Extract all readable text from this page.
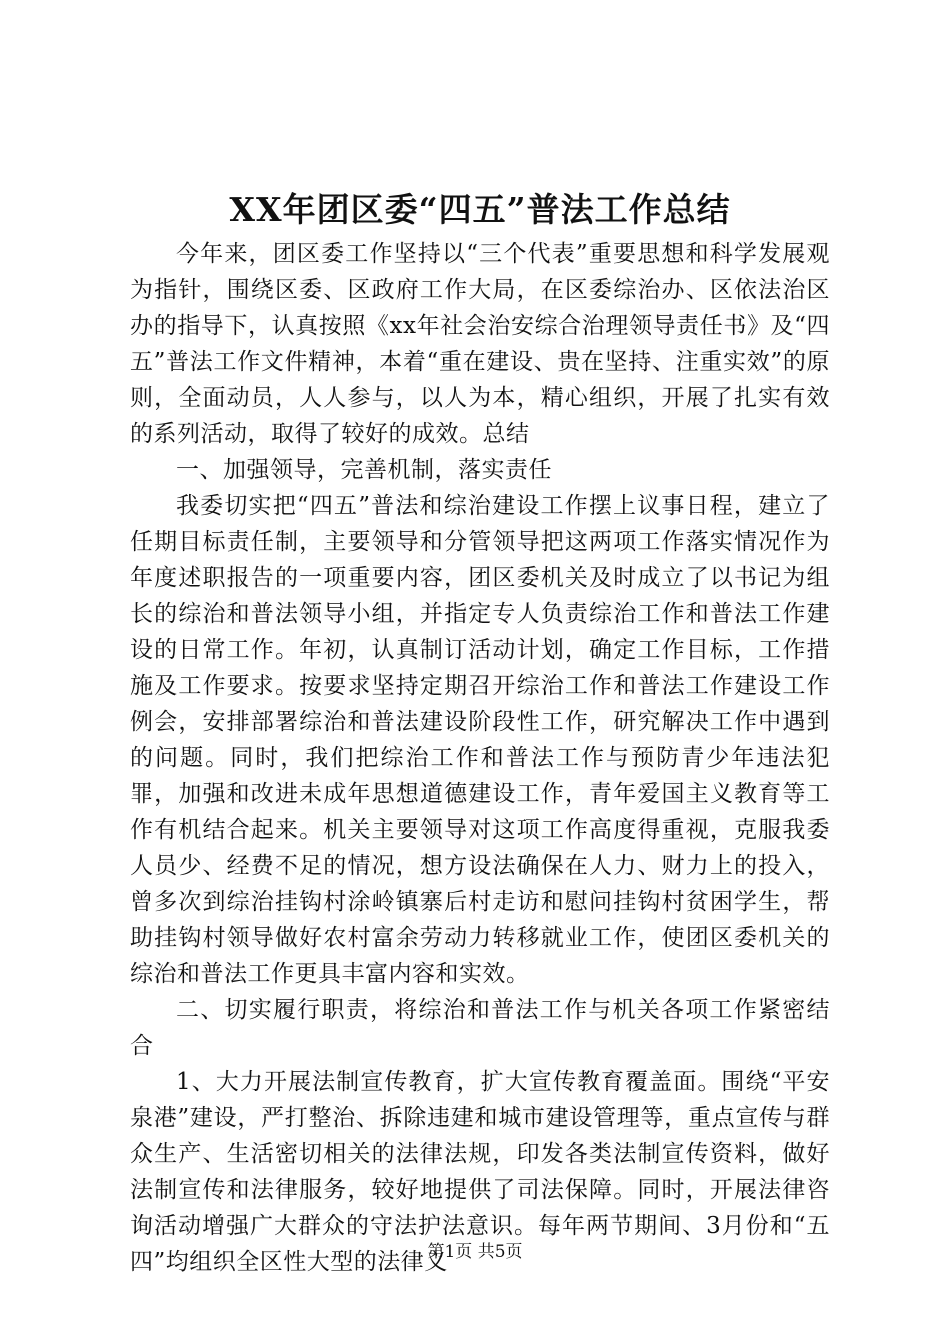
XX年团区委“四五”普法工作总结

今年来，团区委工作坚持以“三个代表”重要思想和科学发展观为指针，围绕区委、区政府工作大局，在区委综治办、区依法治区办的指导下，认真按照《xx年社会治安综合治理领导责任书》及“四五”普法工作文件精神，本着“重在建设、贵在坚持、注重实效”的原则，全面动员，人人参与，以人为本，精心组织，开展了扎实有效的系列活动，取得了较好的成效。总结

一、加强领导，完善机制，落实责任

我委切实把“四五”普法和综治建设工作摆上议事日程，建立了任期目标责任制，主要领导和分管领导把这两项工作落实情况作为年度述职报告的一项重要内容，团区委机关及时成立了以书记为组长的综治和普法领导小组，并指定专人负责综治工作和普法工作建设的日常工作。年初，认真制订活动计划，确定工作目标，工作措施及工作要求。按要求坚持定期召开综治工作和普法工作建设工作例会，安排部署综治和普法建设阶段性工作，研究解决工作中遇到的问题。同时，我们把综治工作和普法工作与预防青少年违法犯罪，加强和改进未成年思想道德建设工作，青年爱国主义教育等工作有机结合起来。机关主要领导对这项工作高度得重视，克服我委人员少、经费不足的情况，想方设法确保在人力、财力上的投入，曾多次到综治挂钩村涂岭镇寨后村走访和慰问挂钩村贫困学生，帮助挂钩村领导做好农村富余劳动力转移就业工作，使团区委机关的综治和普法工作更具丰富内容和实效。

二、切实履行职责，将综治和普法工作与机关各项工作紧密结合

1、大力开展法制宣传教育，扩大宣传教育覆盖面。围绕“平安泉港”建设，严打整治、拆除违建和城市建设管理等，重点宣传与群众生产、生活密切相关的法律法规，印发各类法制宣传资料，做好法制宣传和法律服务，较好地提供了司法保障。同时，开展法律咨询活动增强广大群众的守法护法意识。每年两节期间、3月份和“五四”均组织全区性大型的法律义

第1页 共5页
